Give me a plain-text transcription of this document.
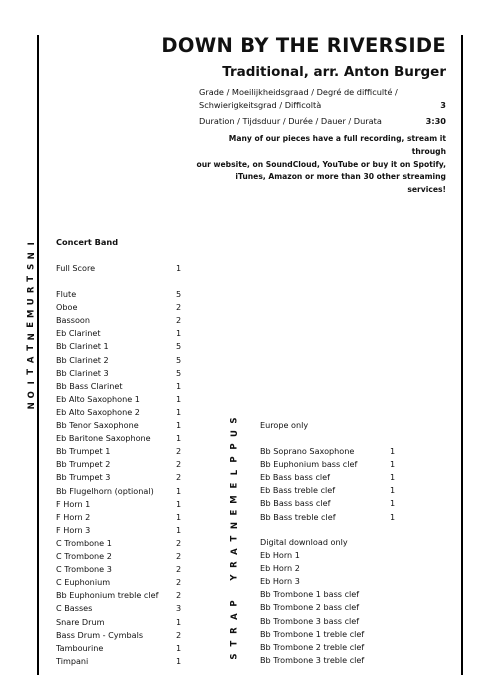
DOWN BY THE RIVERSIDE
Traditional, arr. Anton Burger
Grade / Moeilijkheidsgraad / Degré de difficulté /
Schwierigkeitsgrad / Difficoltà	3
Duration / Tijdsduur / Durée / Dauer / Durata	3:30
Many of our pieces have a full recording, stream it through
our website, on SoundCloud, YouTube or buy it on Spotify,
iTunes, Amazon or more than 30 other streaming services!
I
N
S
T
R
U
M
E
N
T
A
T
I
O
N
S
U
P
P
L
E
M
E
N
T
A
R
Y
P
A
R
T
S
Concert Band
Full Score	1
Flute	5
Oboe	2
Bassoon	2
Eb Clarinet	1
Bb Clarinet 1	5
Bb Clarinet 2	5
Bb Clarinet 3	5
Bb Bass Clarinet	1
Eb Alto Saxophone 1	1
Eb Alto Saxophone 2	1
Bb Tenor Saxophone	1
Eb Baritone Saxophone	1
Bb Trumpet 1	2
Bb Trumpet 2	2
Bb Trumpet 3	2
Bb Flugelhorn (optional)	1
F Horn 1	1
F Horn 2	1
F Horn 3	1
C Trombone 1	2
C Trombone 2	2
C Trombone 3	2
C Euphonium	2
Bb Euphonium treble clef 2
C Basses	3
Snare Drum	1
Bass Drum - Cymbals	2
Tambourine	1
Timpani	1
Europe only
Bb Soprano Saxophone	1
Bb Euphonium bass clef	1
Eb Bass bass clef	1
Eb Bass treble clef	1
Bb Bass bass clef	1
Bb Bass treble clef	1
Digital download only
Eb Horn 1
Eb Horn 2
Eb Horn 3
Bb Trombone 1 bass clef
Bb Trombone 2 bass clef
Bb Trombone 3 bass clef
Bb Trombone 1 treble clef
Bb Trombone 2 treble clef
Bb Trombone 3 treble clef
